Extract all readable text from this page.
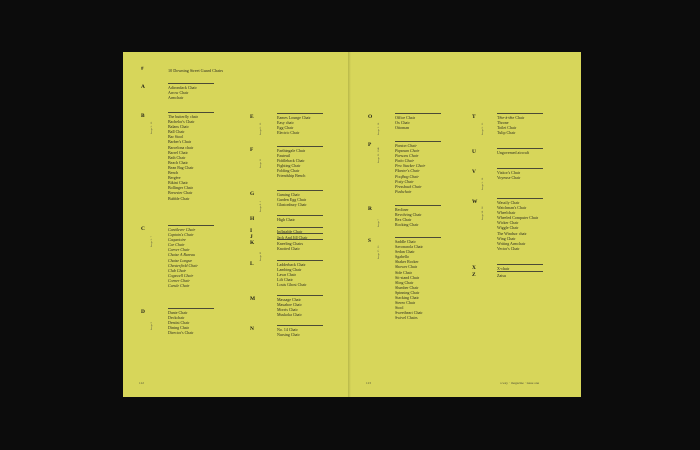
#	10 Downing Street Guard Chairs
112	113	a way · magazine · issue one
A	Adirondack Chair
Arrow Chair
Armchair
B
Image 3 · 13
The butterfly chair
Bachelor's Chair
Balans Chair
Ball Chair
Bar Stool
Barber's Chair
Barcelona chair
Barrel Chair
Bath Chair
Beach Chair
Bean Bag Chair
Bench
Bergère
Bikini Chair
Bollinger Chair
Brewster Chair
Bubble Chair
C
Image 2 · 7
Cantilever Chair
Captain's Chair
Caquetoire
Car Chair
Carver Chair
Chaise A Bureau
Chaise Longue
Chesterfield Chair
Club Chair
Cogswell Chair
Corner Chair
Curule Chair
D
Image 9
Dante Chair
Deckchair
Dentist Chair
Dining Chair
Director's Chair
E
Image 6 · 13
Eames Lounge Chair
Easy chair
Egg Chair
Electric Chair
F
Image 11
Farthingale Chair
Fauteuil
Fiddleback Chair
Fighting Chair
Folding Chair
Friendship Bench
G
Image 4 · 5
Gaming Chair
Garden Egg Chair
Glastonbury Chair
H	High Chair
I	Inflatable Chair
J	Jack And Jill Chair
K
Image 10
Kneeling Chairs
Knotted Chair
L	Ladderback Chair
Lambing Chair
Lawn Chair
Lift Chair
Louis Ghost Chair
M	Massage Chair
Mauaboe Chair
Morris Chair
Muskoka Chair
N	No. 14 Chair
Nursing Chair
O
Image 1 · 16
Office Chair
Ox Chair
Ottoman
P
Image 12 · 1046
Panton Chair
Papasan Chair
Parsons Chair
Patio Chair
Pew Stacker Chair
Planter's Chair
Poofbag Chair
Potty Chair
Pressback Chair
Pushchair
R
Image 7
Recliner
Revolving Chair
Rex Chair
Rocking Chair
S
Image 17 · 23
Saddle Chair
Savonarola Chair
Sedan Chair
Sgabello
Shaker Rocker
Shower Chair
Side Chair
Sit-stand Chair
Sling Chair
Slumber Chair
Spinning Chair
Stacking Chair
Stereo Chair
Stool
Sweetheart Chair
Swivel Chairs
T
Image 8 · 15
Tête-à-tête Chair
Throne
Toilet Chair
Tulip Chair
U	Ungovemed aircraft
V
Image 3 · 16
Visitor's Chair
Voyeuse Chair
W
Image 24 · 14
Wassily Chair
Watchman's Chair
Wheelchair
Wheeled Computer Chair
Wicker Chair
Wiggle Chair
The Windsor chair
Wing Chair
Writing Armchair
Vector's Chair
X	X-chair
Z	Zaisu
